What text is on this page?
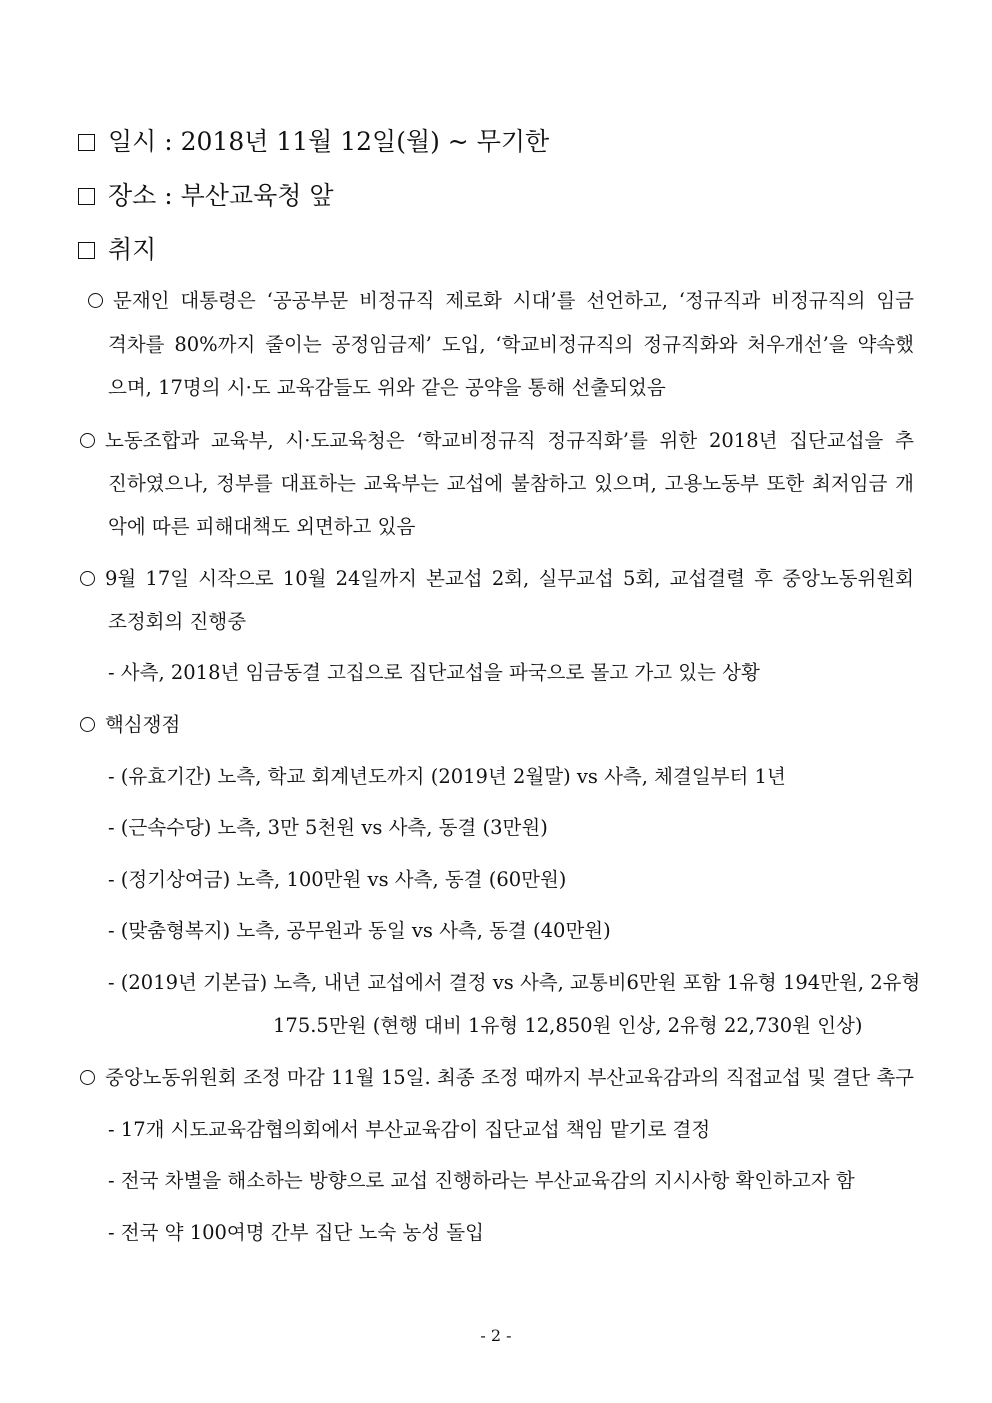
일시 : 2018년 11월 12일(월) ~ 무기한
장소 : 부산교육청 앞
취지
문재인 대통령은 ‘공공부문 비정규직 제로화 시대’를 선언하고, ‘정규직과 비정규직의 임금
격차를 80%까지 줄이는 공정임금제’ 도입, ‘학교비정규직의 정규직화와 처우개선’을 약속했
으며, 17명의 시·도 교육감들도 위와 같은 공약을 통해 선출되었음
노동조합과 교육부, 시·도교육청은 ‘학교비정규직 정규직화’를 위한 2018년 집단교섭을 추
진하였으나, 정부를 대표하는 교육부는 교섭에 불참하고 있으며, 고용노동부 또한 최저임금 개
악에 따른 피해대책도 외면하고 있음
9월 17일 시작으로 10월 24일까지 본교섭 2회, 실무교섭 5회, 교섭결렬 후 중앙노동위원회
조정회의 진행중
- 사측, 2018년 임금동결 고집으로 집단교섭을 파국으로 몰고 가고 있는 상황
핵심쟁점
- (유효기간) 노측, 학교 회계년도까지 (2019년 2월말) vs 사측, 체결일부터 1년
- (근속수당) 노측, 3만 5천원 vs 사측, 동결 (3만원)
- (정기상여금) 노측, 100만원 vs 사측, 동결 (60만원)
- (맞춤형복지) 노측, 공무원과 동일 vs 사측, 동결 (40만원)
- (2019년 기본급) 노측, 내년 교섭에서 결정 vs 사측, 교통비6만원 포함 1유형 194만원, 2유형
175.5만원 (현행 대비 1유형 12,850원 인상, 2유형 22,730원 인상)
중앙노동위원회 조정 마감 11월 15일. 최종 조정 때까지 부산교육감과의 직접교섭 및 결단 촉구
- 17개 시도교육감협의회에서 부산교육감이 집단교섭 책임 맡기로 결정
- 전국 차별을 해소하는 방향으로 교섭 진행하라는 부산교육감의 지시사항 확인하고자 함
- 전국 약 100여명 간부 집단 노숙 농성 돌입
- 2 -
